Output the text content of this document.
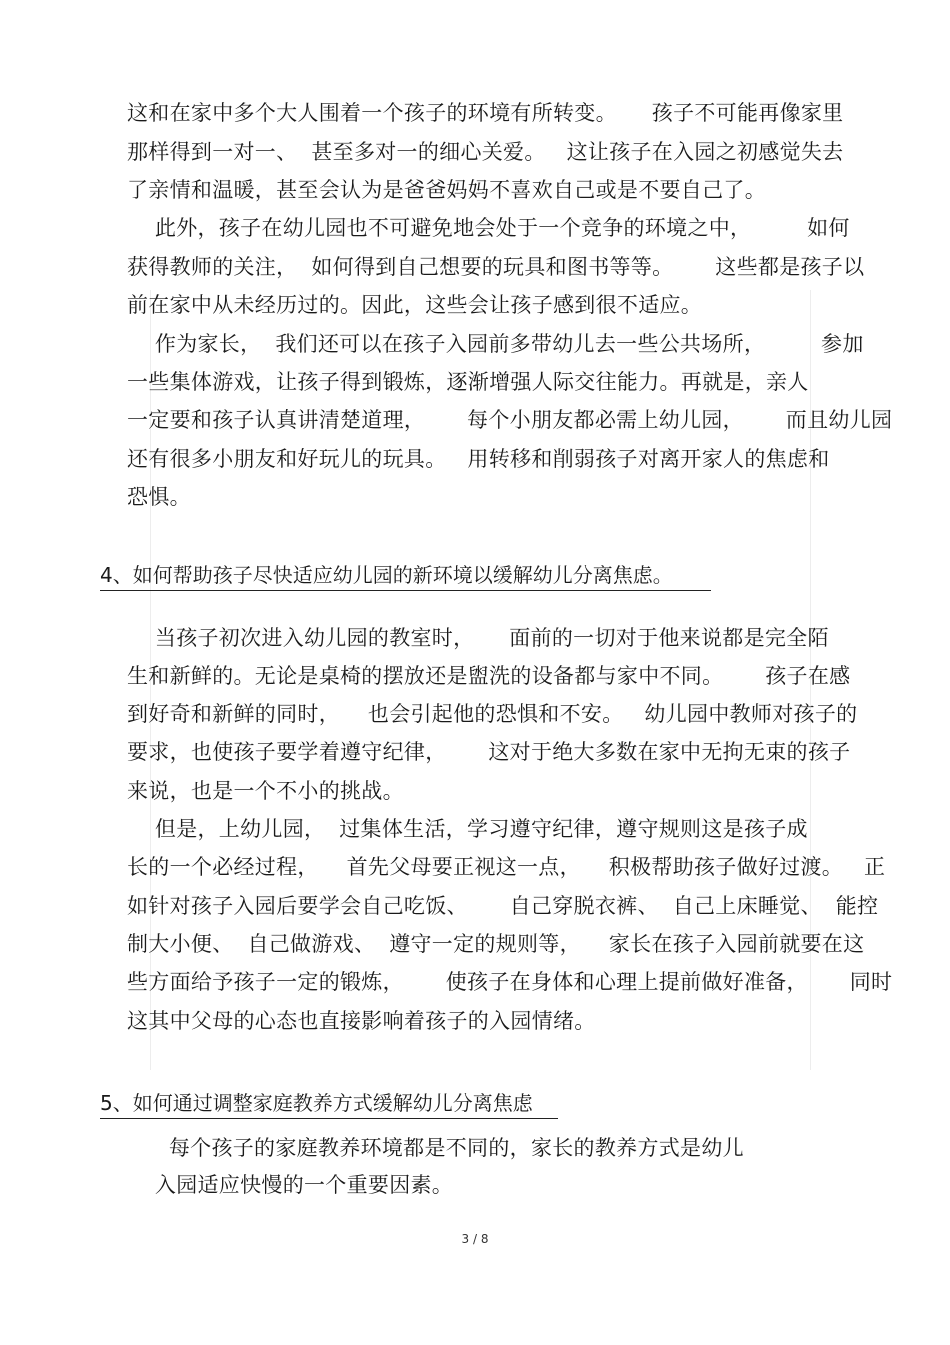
这和在家中多个大人围着一个孩子的环境有所转变。     孩子不可能再像家里
那样得到一对一、  甚至多对一的细心关爱。   这让孩子在入园之初感觉失去
了亲情和温暖，甚至会认为是爸爸妈妈不喜欢自己或是不要自己了。
此外，孩子在幼儿园也不可避免地会处于一个竞争的环境之中，        如何
获得教师的关注，  如何得到自己想要的玩具和图书等等。      这些都是孩子以
前在家中从未经历过的。因此，这些会让孩子感到很不适应。
作为家长，  我们还可以在孩子入园前多带幼儿去一些公共场所，        参加
一些集体游戏，让孩子得到锻炼，逐渐增强人际交往能力。再就是，亲人
一定要和孩子认真讲清楚道理，      每个小朋友都必需上幼儿园，      而且幼儿园
还有很多小朋友和好玩儿的玩具。   用转移和削弱孩子对离开家人的焦虑和
恐惧。
4、如何帮助孩子尽快适应幼儿园的新环境以缓解幼儿分离焦虑。
当孩子初次进入幼儿园的教室时，     面前的一切对于他来说都是完全陌
生和新鲜的。无论是桌椅的摆放还是盥洗的设备都与家中不同。      孩子在感
到好奇和新鲜的同时，    也会引起他的恐惧和不安。   幼儿园中教师对孩子的
要求，也使孩子要学着遵守纪律，      这对于绝大多数在家中无拘无束的孩子
来说，也是一个不小的挑战。
但是，上幼儿园，  过集体生活，学习遵守纪律，遵守规则这是孩子成
长的一个必经过程，    首先父母要正视这一点，    积极帮助孩子做好过渡。   正
如针对孩子入园后要学会自己吃饭、      自己穿脱衣裤、  自己上床睡觉、  能控
制大小便、  自己做游戏、  遵守一定的规则等，    家长在孩子入园前就要在这
些方面给予孩子一定的锻炼，      使孩子在身体和心理上提前做好准备，      同时
这其中父母的心态也直接影响着孩子的入园情绪。
5、如何通过调整家庭教养方式缓解幼儿分离焦虑
每个孩子的家庭教养环境都是不同的，家长的教养方式是幼儿
入园适应快慢的一个重要因素。
3 / 8
